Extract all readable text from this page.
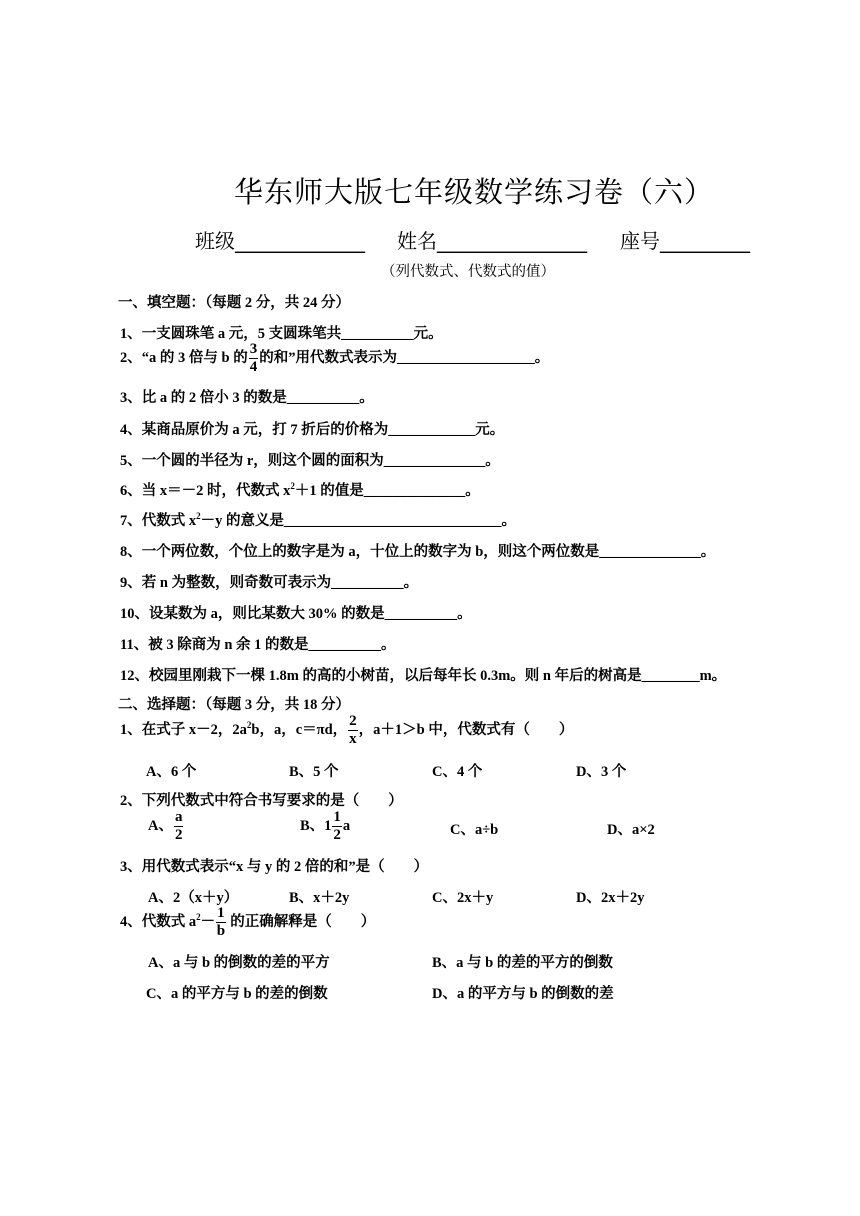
华东师大版七年级数学练习卷（六）
班级_____________ 姓名_______________ 座号_________
（列代数式、代数式的值）
一、填空题：（每题 2 分，共 24 分）
1、一支圆珠笔 a 元，5 支圆珠笔共__________元。
2、“a 的 3 倍与 b 的 $\frac{3}{4}$ 的和”用代数式表示为___________________。
3、比 a 的 2 倍小 3 的数是__________。
4、某商品原价为 a 元，打 7 折后的价格为____________元。
5、一个圆的半径为 r，则这个圆的面积为______________。
6、当 x＝－2 时，代数式 $x^2+1$ 的值是______________。
7、代数式 $x^2-y$ 的意义是______________________________。
8、一个两位数，个位上的数字是为 a，十位上的数字为 b，则这个两位数是______________。
9、若 n 为整数，则奇数可表示为__________。
10、设某数为 a，则比某数大 30% 的数是__________。
11、被 3 除商为 n 余 1 的数是__________。
12、校园里刚栽下一棵 1.8m 的高的小树苗，以后每年长 0.3m。则 n 年后的树高是________m。
二、选择题：（每题 3 分，共 18 分）
1、在式子 x－2，$2a^2b$，a，c＝πd， $\frac{2}{x}$ ，a＋1＞b 中，代数式有（　　）
A、6 个	B、5 个	C、4 个	D、3 个
2、下列代数式中符合书写要求的是（　　）
A、 $\frac{a}{2}$	B、$1 \frac{1}{2}$ a	C、a÷b	D、a×2
3、用代数式表示“x 与 y 的 2 倍的和”是（　　）
A、2（x＋y）	B、x＋2y	C、2x＋y	D、2x＋2y
4、代数式 $a^2- \frac{1}{b}$ 的正确解释是（　　）
A、a 与 b 的倒数的差的平方	B、a 与 b 的差的平方的倒数
C、a 的平方与 b 的差的倒数	D、a 的平方与 b 的倒数的差
